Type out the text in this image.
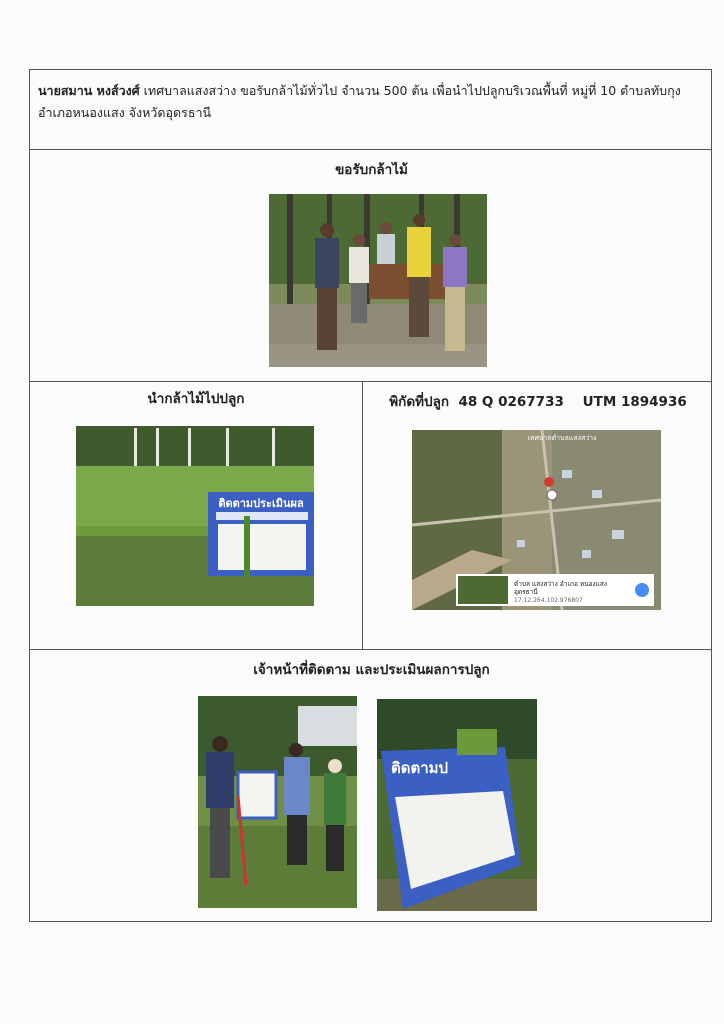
นายสมาน หงส์วงศ์ เทศบาลแสงสว่าง ขอรับกล้าไม้ทั่วไป จำนวน 500 ต้น เพื่อนำไปปลูกบริเวณพื้นที่ หมู่ที่ 10 ตำบลทับกุง อำเภอหนองแสง จังหวัดอุดรธานี
ขอรับกล้าไม้
นำกล้าไม้ไปปลูก	พิกัดที่ปลูก 48 Q 0267733 UTM 1894936
ติดตามประเมินผล
เทศบาลตำบลแสงสว่าง
ตำบล แสงสว่าง อำเภอ หนองแสง
อุดรธานี
17.12.264,102.976807
เจ้าหน้าที่ติดตาม และประเมินผลการปลูก
ติดตามป
